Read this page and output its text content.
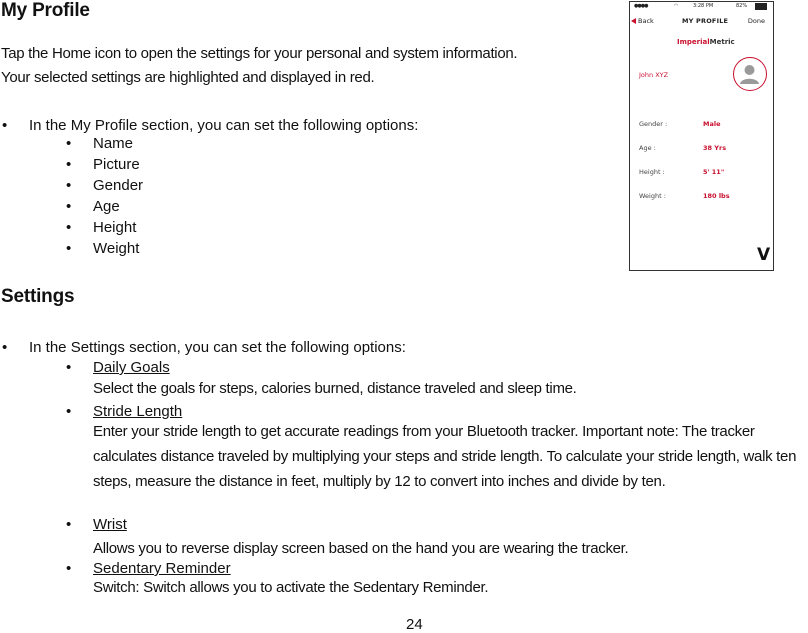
My Profile

Tap the Home icon to open the settings for your personal and system information.

Your selected settings are highlighted and displayed in red.

• In the My Profile section, you can set the following options:
• Name
• Picture
• Gender
• Age
• Height
• Weight
●●●●	◠	3:28 PM	82%
Back	MY PROFILE	Done
ImperialMetric
John XYZ
Gender :	Male
Age :	38 Yrs
Height :	5' 11"
Weight :	180 lbs
V
Settings
• In the Settings section, you can set the following options:
• Daily Goals

Select the goals for steps, calories burned, distance traveled and sleep time.

• Stride Length

Enter your stride length to get accurate readings from your Bluetooth tracker. Important note: The tracker calculates distance traveled by multiplying your steps and stride length. To calculate your stride length, walk ten steps, measure the distance in feet, multiply by 12 to convert into inches and divide by ten.

• Wrist

Allows you to reverse display screen based on the hand you are wearing the tracker.

• Sedentary Reminder

Switch: Switch allows you to activate the Sedentary Reminder.

24
